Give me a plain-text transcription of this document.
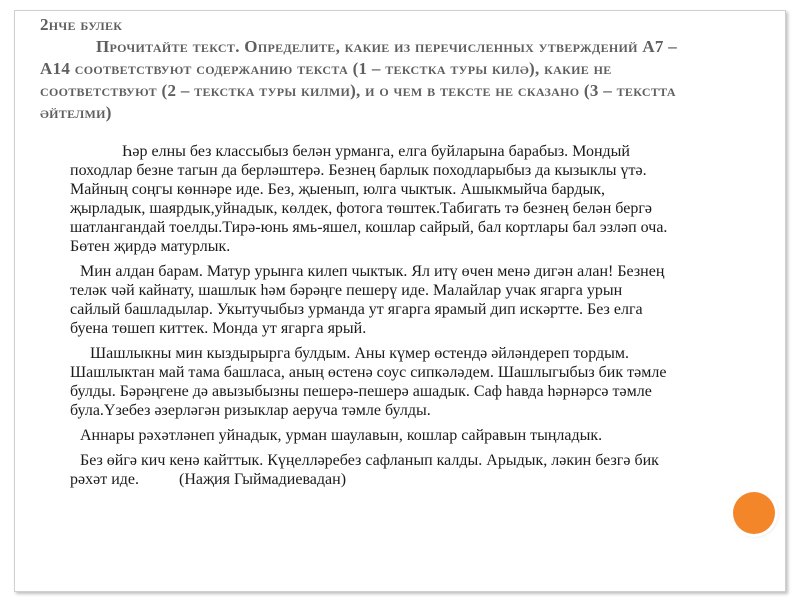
2нче булек
Прочитайте текст. Определите, какие из перечисленных утверждений А7 – А14 соответствуют содержанию текста (1 – текстка туры килә), какие не соответствуют (2 – текстка туры килми), и о чем в тексте не сказано (3 – текстта әйтелми)

Һәр елны без классыбыз белән урманга, елга буйларына барабыз. Мондый походлар безне тагын да берләштерә. Безнең барлык походларыбыз да кызыклы үтә. Майның соңгы көннәре иде. Без, җыенып, юлга чыктык. Ашыкмыйча бардык, җырладык, шаярдык,уйнадык, көлдек, фотога төштек.Табигать тә безнең белән бергә шатлангандай тоелды.Тирә-юнь ямь-яшел, кошлар сайрый, бал кортлары бал эзләп оча. Бөтен җирдә матурлык.

Мин алдан барам. Матур урынга килеп чыктык. Ял итү өчен менә дигән алан! Безнең теләк чәй кайнату, шашлык һәм бәрәңге пешерү иде. Малайлар учак ягарга урын сайлый башладылар. Укытучыбыз урманда ут ягарга ярамый дип искәртте. Без елга буена төшеп киттек. Монда ут ягарга ярый.

Шашлыкны мин кыздырырга булдым. Аны күмер өстендә әйләндереп тордым. Шашлыктан май тама башласа, аның өстенә соус сипкәләдем. Шашлыгыбыз бик тәмле булды. Бәрәңгене дә авызыбызны пешерә-пешерә ашадык. Саф һавда һәрнәрсә тәмле була.Үзебез әзерләгән ризыклар аеруча тәмле булды.

Аннары рәхәтләнеп уйнадык, урман шаулавын, кошлар сайравын тыңладык.

Без өйгә кич кенә кайттык. Күңелләребез сафланып калды. Арыдык, ләкин безгә бик рәхәт иде.	(Наҗия Гыймадиевадан)
